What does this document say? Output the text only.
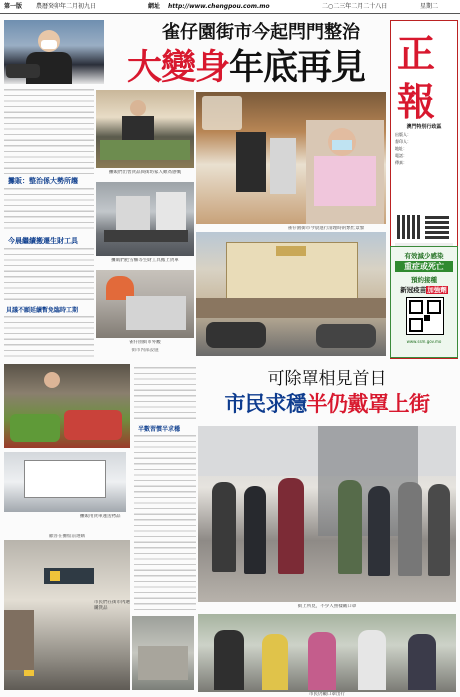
第一版 農曆癸卯年二月初九日	網址 http://www.chengpou.com.mo	二○二三年二月二十八日	星期二
正
報
澳門特別行政區
出版人：
督印人：
地址：
電話：
傳真：
有效減少感染
重症或死亡
預約接種
新冠疫苗加強劑
www.ssm.gov.mo
雀仔園街市今起閂門整治
大變身年底再見
攤販：整治係大勢所趨
今晨繼續搬遷生財工具
貝議不願延續暫免臨時工期
攤販們出售貨品與街坊家人頗為感慨
雀仔園街市今晨進行清理時的繁忙景象
攤販們把雪櫃等生財工具搬上貨車
雀仔園街市外觀
攤販用貨車運送物品
市民們在街市內選購貨品
可除罩相見首日
市民求穩半仍戴罩上街
半數習慣半求穩
街上所見，不少人照樣戴口罩
市民仍戴口罩出行
街市內部設施
顧客在攤檔前選購
